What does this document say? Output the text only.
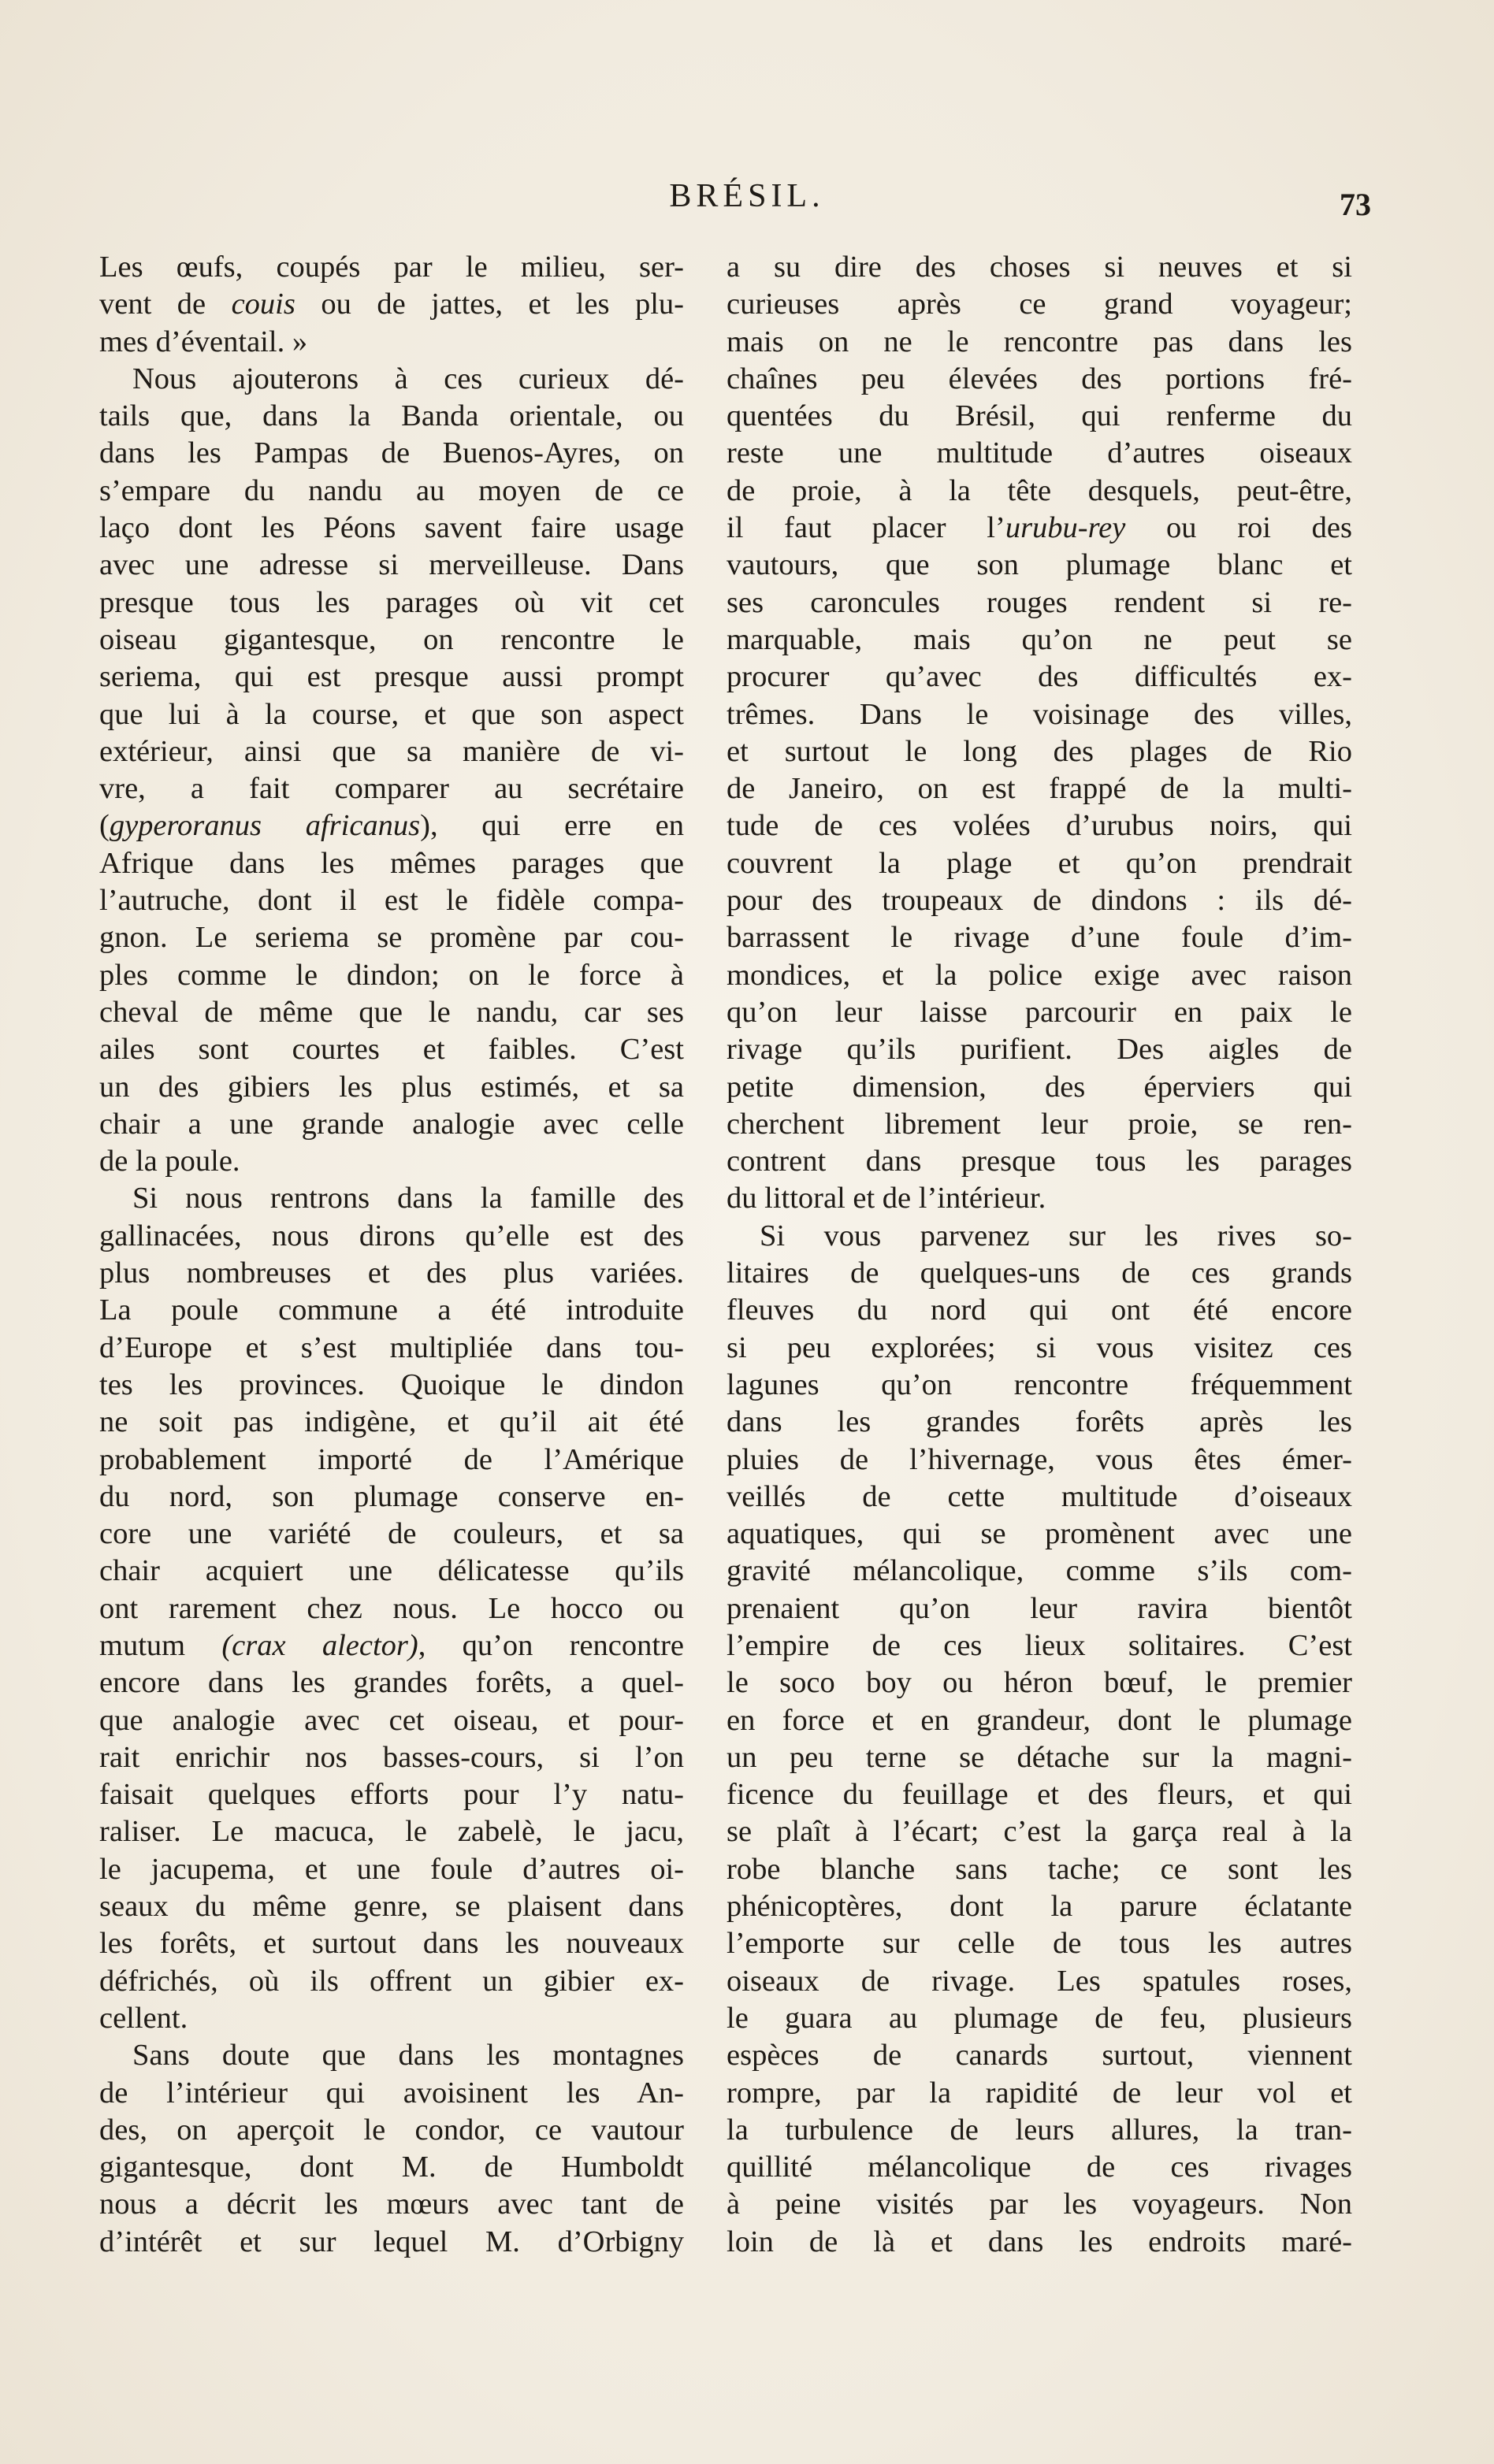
BRÉSIL.	73

Les œufs, coupés par le milieu, ser-

vent de couis ou de jattes, et les plu-

mes d’éventail. »

Nous ajouterons à ces curieux dé-

tails que, dans la Banda orientale, ou

dans les Pampas de Buenos-Ayres, on

s’empare du nandu au moyen de ce

laço dont les Péons savent faire usage

avec une adresse si merveilleuse. Dans

presque tous les parages où vit cet

oiseau gigantesque, on rencontre le

seriema, qui est presque aussi prompt

que lui à la course, et que son aspect

extérieur, ainsi que sa manière de vi-

vre, a fait comparer au secrétaire

(gyperoranus africanus), qui erre en

Afrique dans les mêmes parages que

l’autruche, dont il est le fidèle compa-

gnon. Le seriema se promène par cou-

ples comme le dindon; on le force à

cheval de même que le nandu, car ses

ailes sont courtes et faibles. C’est

un des gibiers les plus estimés, et sa

chair a une grande analogie avec celle

de la poule.

Si nous rentrons dans la famille des

gallinacées, nous dirons qu’elle est des

plus nombreuses et des plus variées.

La poule commune a été introduite

d’Europe et s’est multipliée dans tou-

tes les provinces. Quoique le dindon

ne soit pas indigène, et qu’il ait été

probablement importé de l’Amérique

du nord, son plumage conserve en-

core une variété de couleurs, et sa

chair acquiert une délicatesse qu’ils

ont rarement chez nous. Le hocco ou

mutum (crax alector), qu’on rencontre

encore dans les grandes forêts, a quel-

que analogie avec cet oiseau, et pour-

rait enrichir nos basses-cours, si l’on

faisait quelques efforts pour l’y natu-

raliser. Le macuca, le zabelè, le jacu,

le jacupema, et une foule d’autres oi-

seaux du même genre, se plaisent dans

les forêts, et surtout dans les nouveaux

défrichés, où ils offrent un gibier ex-

cellent.

Sans doute que dans les montagnes

de l’intérieur qui avoisinent les An-

des, on aperçoit le condor, ce vautour

gigantesque, dont M. de Humboldt

nous a décrit les mœurs avec tant de

d’intérêt et sur lequel M. d’Orbigny

a su dire des choses si neuves et si

curieuses après ce grand voyageur;

mais on ne le rencontre pas dans les

chaînes peu élevées des portions fré-

quentées du Brésil, qui renferme du

reste une multitude d’autres oiseaux

de proie, à la tête desquels, peut-être,

il faut placer l’urubu-rey ou roi des

vautours, que son plumage blanc et

ses caroncules rouges rendent si re-

marquable, mais qu’on ne peut se

procurer qu’avec des difficultés ex-

trêmes. Dans le voisinage des villes,

et surtout le long des plages de Rio

de Janeiro, on est frappé de la multi-

tude de ces volées d’urubus noirs, qui

couvrent la plage et qu’on prendrait

pour des troupeaux de dindons : ils dé-

barrassent le rivage d’une foule d’im-

mondices, et la police exige avec raison

qu’on leur laisse parcourir en paix le

rivage qu’ils purifient. Des aigles de

petite dimension, des éperviers qui

cherchent librement leur proie, se ren-

contrent dans presque tous les parages

du littoral et de l’intérieur.

Si vous parvenez sur les rives so-

litaires de quelques-uns de ces grands

fleuves du nord qui ont été encore

si peu explorées; si vous visitez ces

lagunes qu’on rencontre fréquemment

dans les grandes forêts après les

pluies de l’hivernage, vous êtes émer-

veillés de cette multitude d’oiseaux

aquatiques, qui se promènent avec une

gravité mélancolique, comme s’ils com-

prenaient qu’on leur ravira bientôt

l’empire de ces lieux solitaires. C’est

le soco boy ou héron bœuf, le premier

en force et en grandeur, dont le plumage

un peu terne se détache sur la magni-

ficence du feuillage et des fleurs, et qui

se plaît à l’écart; c’est la garça real à la

robe blanche sans tache; ce sont les

phénicoptères, dont la parure éclatante

l’emporte sur celle de tous les autres

oiseaux de rivage. Les spatules roses,

le guara au plumage de feu, plusieurs

espèces de canards surtout, viennent

rompre, par la rapidité de leur vol et

la turbulence de leurs allures, la tran-

quillité mélancolique de ces rivages

à peine visités par les voyageurs. Non

loin de là et dans les endroits maré-
